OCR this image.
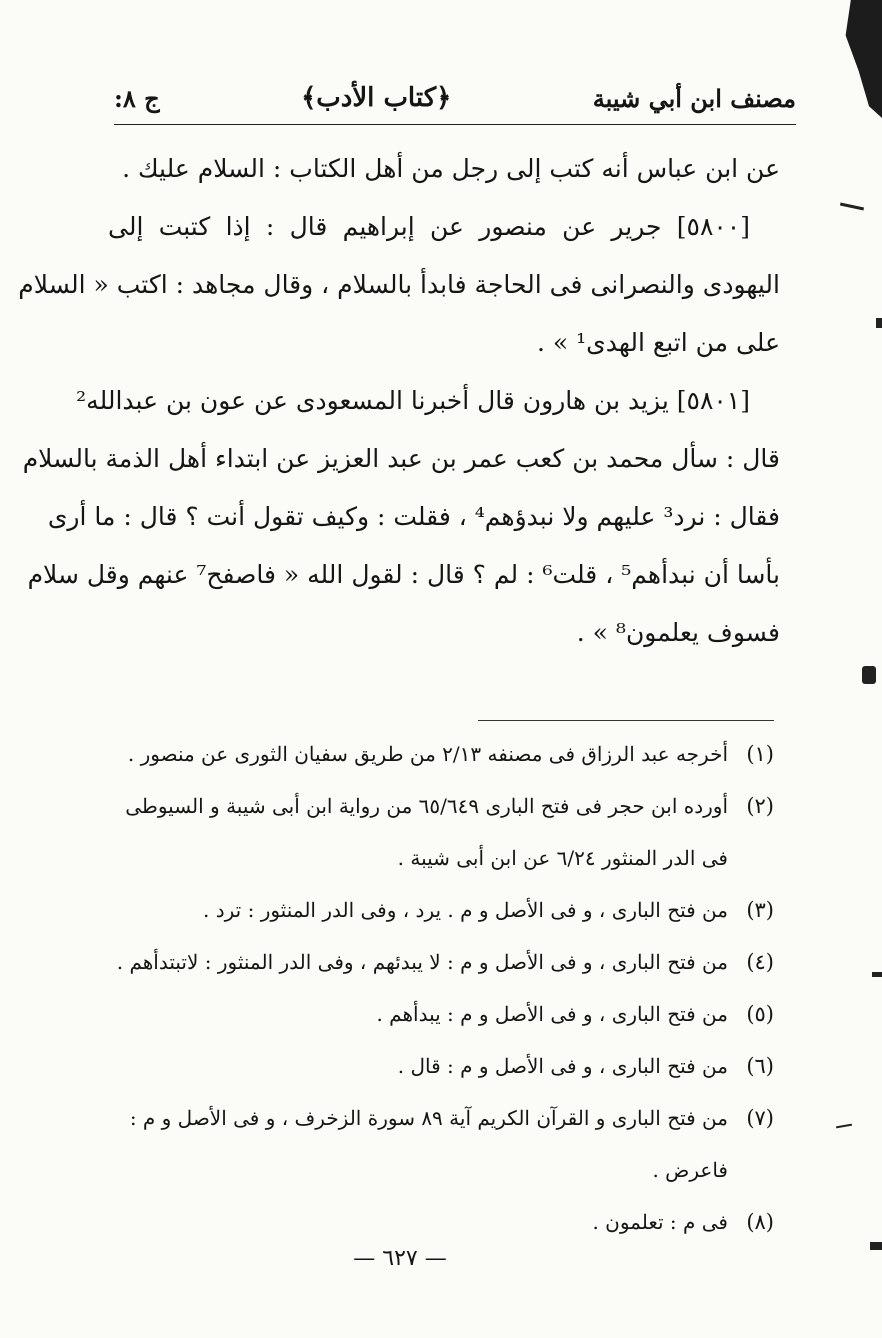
مصنف ابن أبي شيبة
﴿كتاب الأدب﴾
ج ٨:
عن ابن عباس أنه كتب إلى رجل من أهل الكتاب : السلام عليك .
[٥٨٠٠] جرير عن منصور عن إبراهيم قال : إذا كتبت إلى
اليهودى والنصرانى فى الحاجة فابدأ بالسلام ، وقال مجاهد : اكتب « السلام
على من اتبع الهدى¹ » .
[٥٨٠١] يزيد بن هارون قال أخبرنا المسعودى عن عون بن عبدالله²
قال : سأل محمد بن كعب عمر بن عبد العزيز عن ابتداء أهل الذمة بالسلام
فقال : نرد³ عليهم ولا نبدؤهم⁴ ، فقلت : وكيف تقول أنت ؟ قال : ما أرى
بأسا أن نبدأهم⁵ ، قلت⁶ : لم ؟ قال : لقول الله « فاصفح⁷ عنهم وقل سلام
فسوف يعلمون⁸ » .
(١)
أخرجه عبد الرزاق فى مصنفه ٢/١٣ من طريق سفيان الثورى عن منصور .
(٢)
أورده ابن حجر فى فتح البارى ٦٥/٦٤٩ من رواية ابن أبى شيبة و السيوطى
فى الدر المنثور ٦/٢٤ عن ابن أبى شيبة .
(٣)
من فتح البارى ، و فى الأصل و م . يرد ، وفى الدر المنثور : ترد .
(٤)
من فتح البارى ، و فى الأصل و م : لا يبدئهم ، وفى الدر المنثور : لاتبتدأهم .
(٥)
من فتح البارى ، و فى الأصل و م : يبدأهم .
(٦)
من فتح البارى ، و فى الأصل و م : قال .
(٧)
من فتح البارى و القرآن الكريم آية ٨٩ سورة الزخرف ، و فى الأصل و م :
فاعرض .
(٨)
فى م : تعلمون .
— ٦٢٧ —
